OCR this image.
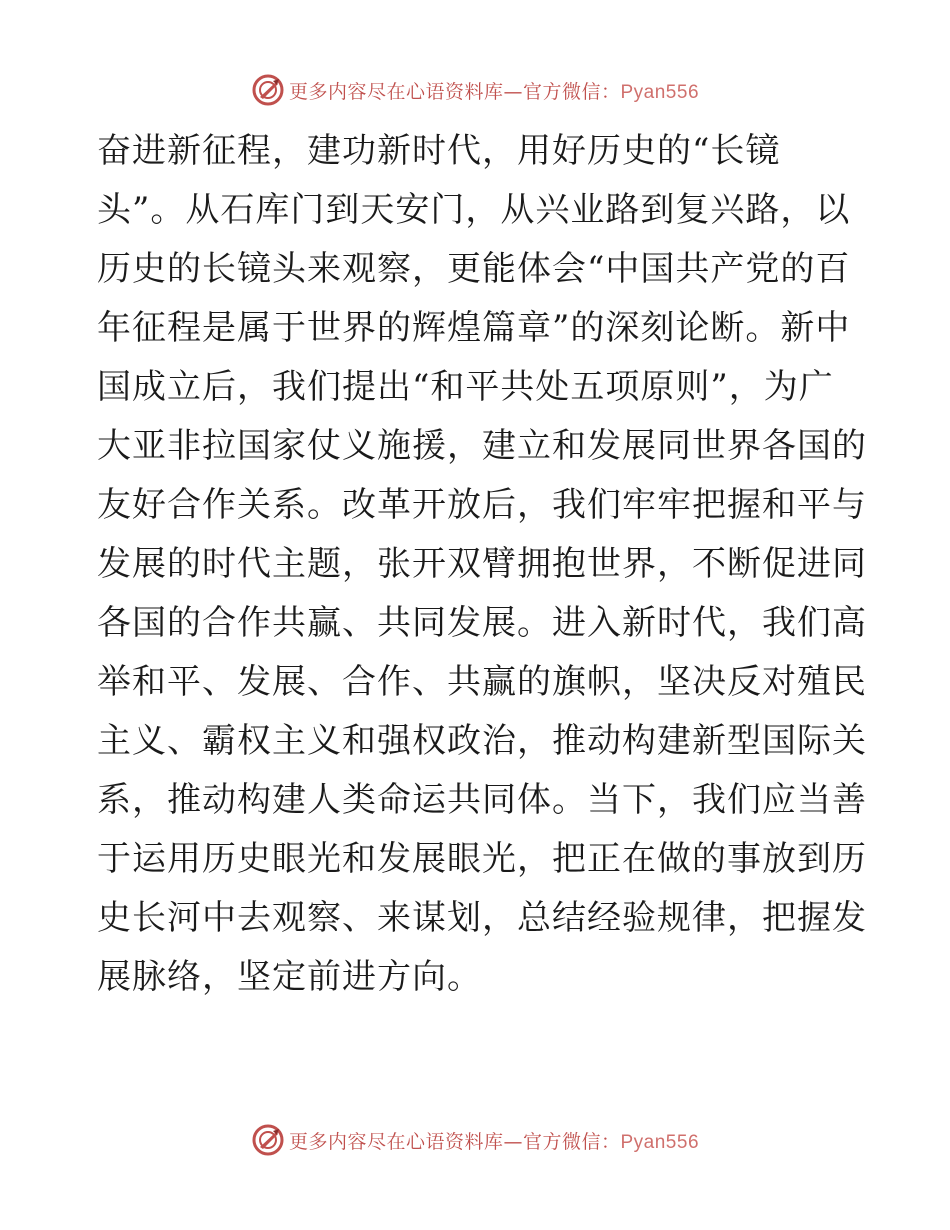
更多内容尽在心语资料库—官方微信：Pyan556
奋进新征程，建功新时代，用好历史的“长镜
头”。从石库门到天安门，从兴业路到复兴路，以
历史的长镜头来观察，更能体会“中国共产党的百
年征程是属于世界的辉煌篇章”的深刻论断。新中
国成立后，我们提出“和平共处五项原则”，为广
大亚非拉国家仗义施援，建立和发展同世界各国的
友好合作关系。改革开放后，我们牢牢把握和平与
发展的时代主题，张开双臂拥抱世界，不断促进同
各国的合作共赢、共同发展。进入新时代，我们高
举和平、发展、合作、共赢的旗帜，坚决反对殖民
主义、霸权主义和强权政治，推动构建新型国际关
系，推动构建人类命运共同体。当下，我们应当善
于运用历史眼光和发展眼光，把正在做的事放到历
史长河中去观察、来谋划，总结经验规律，把握发
展脉络，坚定前进方向。
更多内容尽在心语资料库—官方微信：Pyan556
